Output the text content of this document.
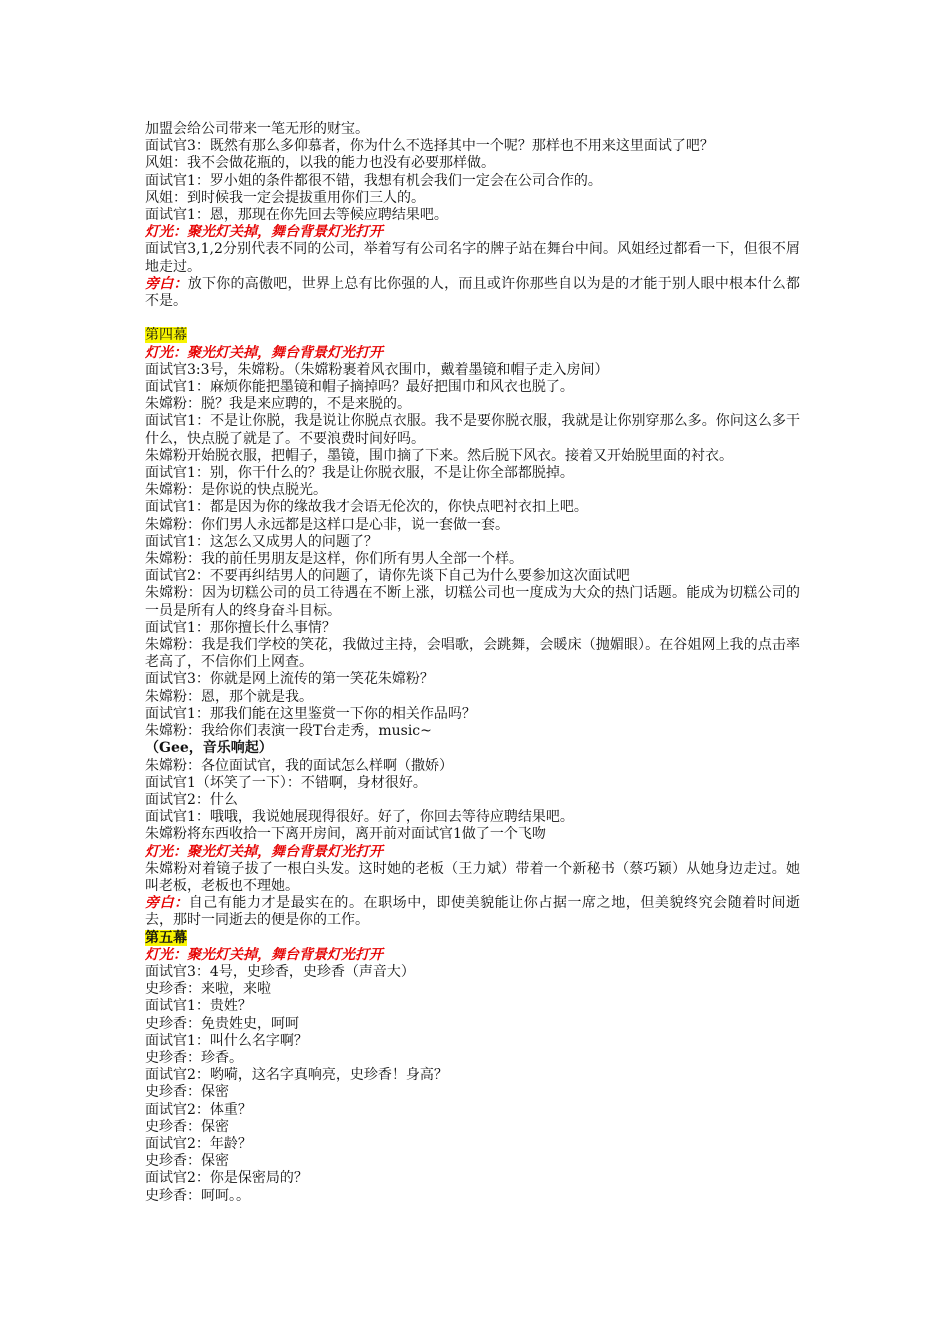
加盟会给公司带来一笔无形的财宝。

面试官3：既然有那么多仰慕者，你为什么不选择其中一个呢？那样也不用来这里面试了吧？

风姐：我不会做花瓶的，以我的能力也没有必要那样做。

面试官1：罗小姐的条件都很不错，我想有机会我们一定会在公司合作的。

风姐：到时候我一定会提拔重用你们三人的。

面试官1：恩，那现在你先回去等候应聘结果吧。

灯光：聚光灯关掉，舞台背景灯光打开

面试官3,1,2分别代表不同的公司，举着写有公司名字的牌子站在舞台中间。风姐经过都看一下，但很不屑地走过。

旁白：放下你的高傲吧，世界上总有比你强的人，而且或许你那些自以为是的才能于别人眼中根本什么都不是。

第四幕

灯光：聚光灯关掉，舞台背景灯光打开

面试官3:3号，朱嫦粉。（朱嫦粉裹着风衣围巾，戴着墨镜和帽子走入房间）

面试官1：麻烦你能把墨镜和帽子摘掉吗？最好把围巾和风衣也脱了。

朱嫦粉：脱？我是来应聘的，不是来脱的。

面试官1：不是让你脱，我是说让你脱点衣服。我不是要你脱衣服，我就是让你别穿那么多。你问这么多干什么，快点脱了就是了。不要浪费时间好吗。

朱嫦粉开始脱衣服，把帽子，墨镜，围巾摘了下来。然后脱下风衣。接着又开始脱里面的衬衣。

面试官1：别，你干什么的？我是让你脱衣服，不是让你全部都脱掉。

朱嫦粉：是你说的快点脱光。

面试官1：都是因为你的缘故我才会语无伦次的，你快点吧衬衣扣上吧。

朱嫦粉：你们男人永远都是这样口是心非，说一套做一套。

面试官1：这怎么又成男人的问题了？

朱嫦粉：我的前任男朋友是这样，你们所有男人全部一个样。

面试官2：不要再纠结男人的问题了，请你先谈下自己为什么要参加这次面试吧

朱嫦粉：因为切糕公司的员工待遇在不断上涨，切糕公司也一度成为大众的热门话题。能成为切糕公司的一员是所有人的终身奋斗目标。

面试官1：那你擅长什么事情？

朱嫦粉：我是我们学校的笑花，我做过主持，会唱歌，会跳舞，会暖床（抛媚眼）。在谷姐网上我的点击率老高了，不信你们上网查。

面试官3：你就是网上流传的第一笑花朱嫦粉？

朱嫦粉：恩，那个就是我。

面试官1：那我们能在这里鉴赏一下你的相关作品吗？

朱嫦粉：我给你们表演一段T台走秀，music~

（Gee，音乐响起）

朱嫦粉：各位面试官，我的面试怎么样啊（撒娇）

面试官1（坏笑了一下）：不错啊，身材很好。

面试官2：什么

面试官1：哦哦，我说她展现得很好。好了，你回去等待应聘结果吧。

朱嫦粉将东西收拾一下离开房间，离开前对面试官1做了一个飞吻

灯光：聚光灯关掉，舞台背景灯光打开

朱嫦粉对着镜子拔了一根白头发。这时她的老板（王力斌）带着一个新秘书（蔡巧颖）从她身边走过。她叫老板，老板也不理她。

旁白：自己有能力才是最实在的。在职场中，即使美貌能让你占据一席之地，但美貌终究会随着时间逝去，那时一同逝去的便是你的工作。

第五幕

灯光：聚光灯关掉，舞台背景灯光打开

面试官3：4号，史珍香，史珍香（声音大）

史珍香：来啦，来啦

面试官1：贵姓？

史珍香：免贵姓史，呵呵

面试官1：叫什么名字啊？

史珍香：珍香。

面试官2：哟嗬，这名字真响亮，史珍香！身高？

史珍香：保密

面试官2：体重？

史珍香：保密

面试官2：年龄？

史珍香：保密

面试官2：你是保密局的？

史珍香：呵呵。。
